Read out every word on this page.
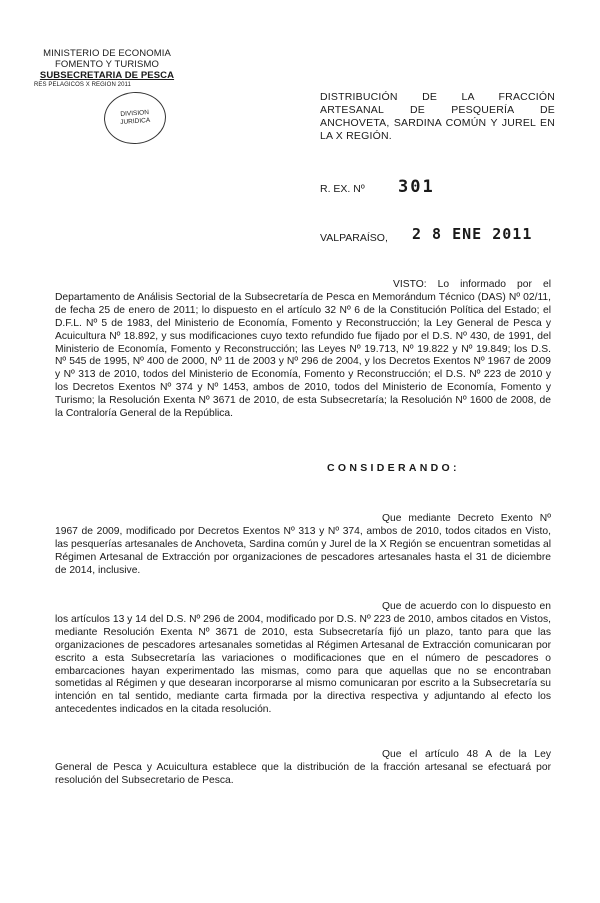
MINISTERIO DE ECONOMIA
FOMENTO Y TURISMO
SUBSECRETARIA DE PESCA
RES PELAGICOS X REGION 2011
DIVISION
JURIDICA
DISTRIBUCIÓN DE LA FRACCIÓN ARTESANAL DE PESQUERÍA DE ANCHOVETA, SARDINA COMÚN Y JUREL EN LA X REGIÓN.
R. EX. Nº 301
VALPARAÍSO, 2 8 ENE 2011
VISTO: Lo informado por el Departamento de Análisis Sectorial de la Subsecretaría de Pesca en Memorándum Técnico (DAS) Nº 02/11, de fecha 25 de enero de 2011; lo dispuesto en el artículo 32 Nº 6 de la Constitución Política del Estado; el D.F.L. Nº 5 de 1983, del Ministerio de Economía, Fomento y Reconstrucción; la Ley General de Pesca y Acuicultura Nº 18.892, y sus modificaciones cuyo texto refundido fue fijado por el D.S. Nº 430, de 1991, del Ministerio de Economía, Fomento y Reconstrucción; las Leyes Nº 19.713, Nº 19.822 y Nº 19.849; los D.S. Nº 545 de 1995, Nº 400 de 2000, Nº 11 de 2003 y Nº 296 de 2004, y los Decretos Exentos Nº 1967 de 2009 y Nº 313 de 2010, todos del Ministerio de Economía, Fomento y Reconstrucción; el D.S. Nº 223 de 2010 y los Decretos Exentos Nº 374 y Nº 1453, ambos de 2010, todos del Ministerio de Economía, Fomento y Turismo; la Resolución Exenta Nº 3671 de 2010, de esta Subsecretaría; la Resolución Nº 1600 de 2008, de la Contraloría General de la República.
CONSIDERANDO:
Que mediante Decreto Exento Nº 1967 de 2009, modificado por Decretos Exentos Nº 313 y Nº 374, ambos de 2010, todos citados en Visto, las pesquerías artesanales de Anchoveta, Sardina común y Jurel de la X Región se encuentran sometidas al Régimen Artesanal de Extracción por organizaciones de pescadores artesanales hasta el 31 de diciembre de 2014, inclusive.
Que de acuerdo con lo dispuesto en los artículos 13 y 14 del D.S. Nº 296 de 2004, modificado por D.S. Nº 223 de 2010, ambos citados en Vistos, mediante Resolución Exenta Nº 3671 de 2010, esta Subsecretaría fijó un plazo, tanto para que las organizaciones de pescadores artesanales sometidas al Régimen Artesanal de Extracción comunicaran por escrito a esta Subsecretaría las variaciones o modificaciones que en el número de pescadores o embarcaciones hayan experimentado las mismas, como para que aquellas que no se encontraban sometidas al Régimen y que desearan incorporarse al mismo comunicaran por escrito a la Subsecretaría su intención en tal sentido, mediante carta firmada por la directiva respectiva y adjuntando al efecto los antecedentes indicados en la citada resolución.
Que el artículo 48 A de la Ley General de Pesca y Acuicultura establece que la distribución de la fracción artesanal se efectuará por resolución del Subsecretario de Pesca.
